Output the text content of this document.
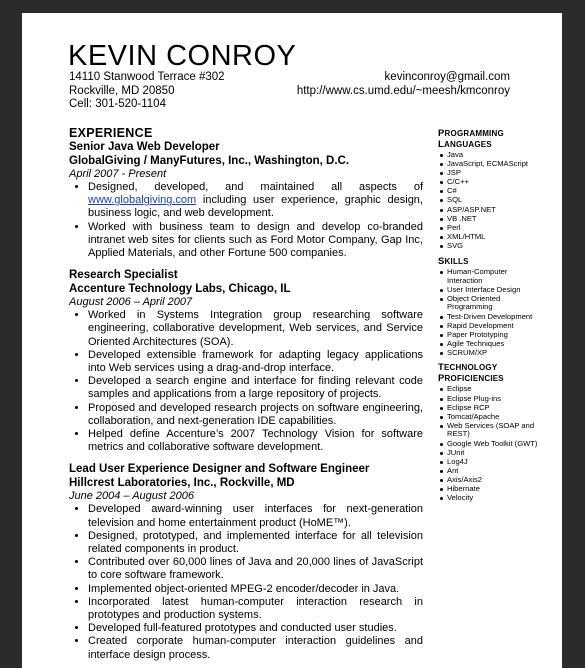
KEVIN CONROY
14110 Stanwood Terrace #302
Rockville, MD 20850
Cell: 301-520-1104
kevinconroy@gmail.com
http://www.cs.umd.edu/~meesh/kmconroy
EXPERIENCE
Senior Java Web Developer
GlobalGiving / ManyFutures, Inc., Washington, D.C.
April 2007 - Present
• Designed, developed, and maintained all aspects of www.globalgiving.com including user experience, graphic design, business logic, and web development.
• Worked with business team to design and develop co-branded intranet web sites for clients such as Ford Motor Company, Gap Inc, Applied Materials, and other Fortune 500 companies.
Research Specialist
Accenture Technology Labs, Chicago, IL
August 2006 – April 2007
• Worked in Systems Integration group researching software engineering, collaborative development, Web services, and Service Oriented Architectures (SOA).
• Developed extensible framework for adapting legacy applications into Web services using a drag-and-drop interface.
• Developed a search engine and interface for finding relevant code samples and applications from a large repository of projects.
• Proposed and developed research projects on software engineering, collaboration, and next-generation IDE capabilities.
• Helped define Accenture’s 2007 Technology Vision for software metrics and collaborative software development.
Lead User Experience Designer and Software Engineer
Hillcrest Laboratories, Inc., Rockville, MD
June 2004 – August 2006
• Developed award-winning user interfaces for next-generation television and home entertainment product (HoME™).
• Designed, prototyped, and implemented interface for all television related components in product.
• Contributed over 60,000 lines of Java and 20,000 lines of JavaScript to core software framework.
• Implemented object-oriented MPEG-2 encoder/decoder in Java.
• Incorporated latest human-computer interaction research in prototypes and production systems.
• Developed full-featured prototypes and conducted user studies.
• Created corporate human-computer interaction guidelines and interface design process.
PROGRAMMING
LANGUAGES
Java
JavaScript, ECMAScript
JSP
C/C++
C#
SQL
ASP/ASP.NET
VB .NET
Perl
XML/HTML
SVG
SKILLS
Human-Computer Interaction
User Interface Design
Object Oriented Programming
Test-Driven Development
Rapid Development
Paper Prototyping
Agile Techniques
SCRUM/XP
TECHNOLOGY
PROFICIENCIES
Eclipse
Eclipse Plug-ins
Eclipse RCP
Tomcat/Apache
Web Services (SOAP and REST)
Google Web Toolkit (GWT)
JUnit
Log4J
Ant
Axis/Axis2
Hibernate
Velocity
